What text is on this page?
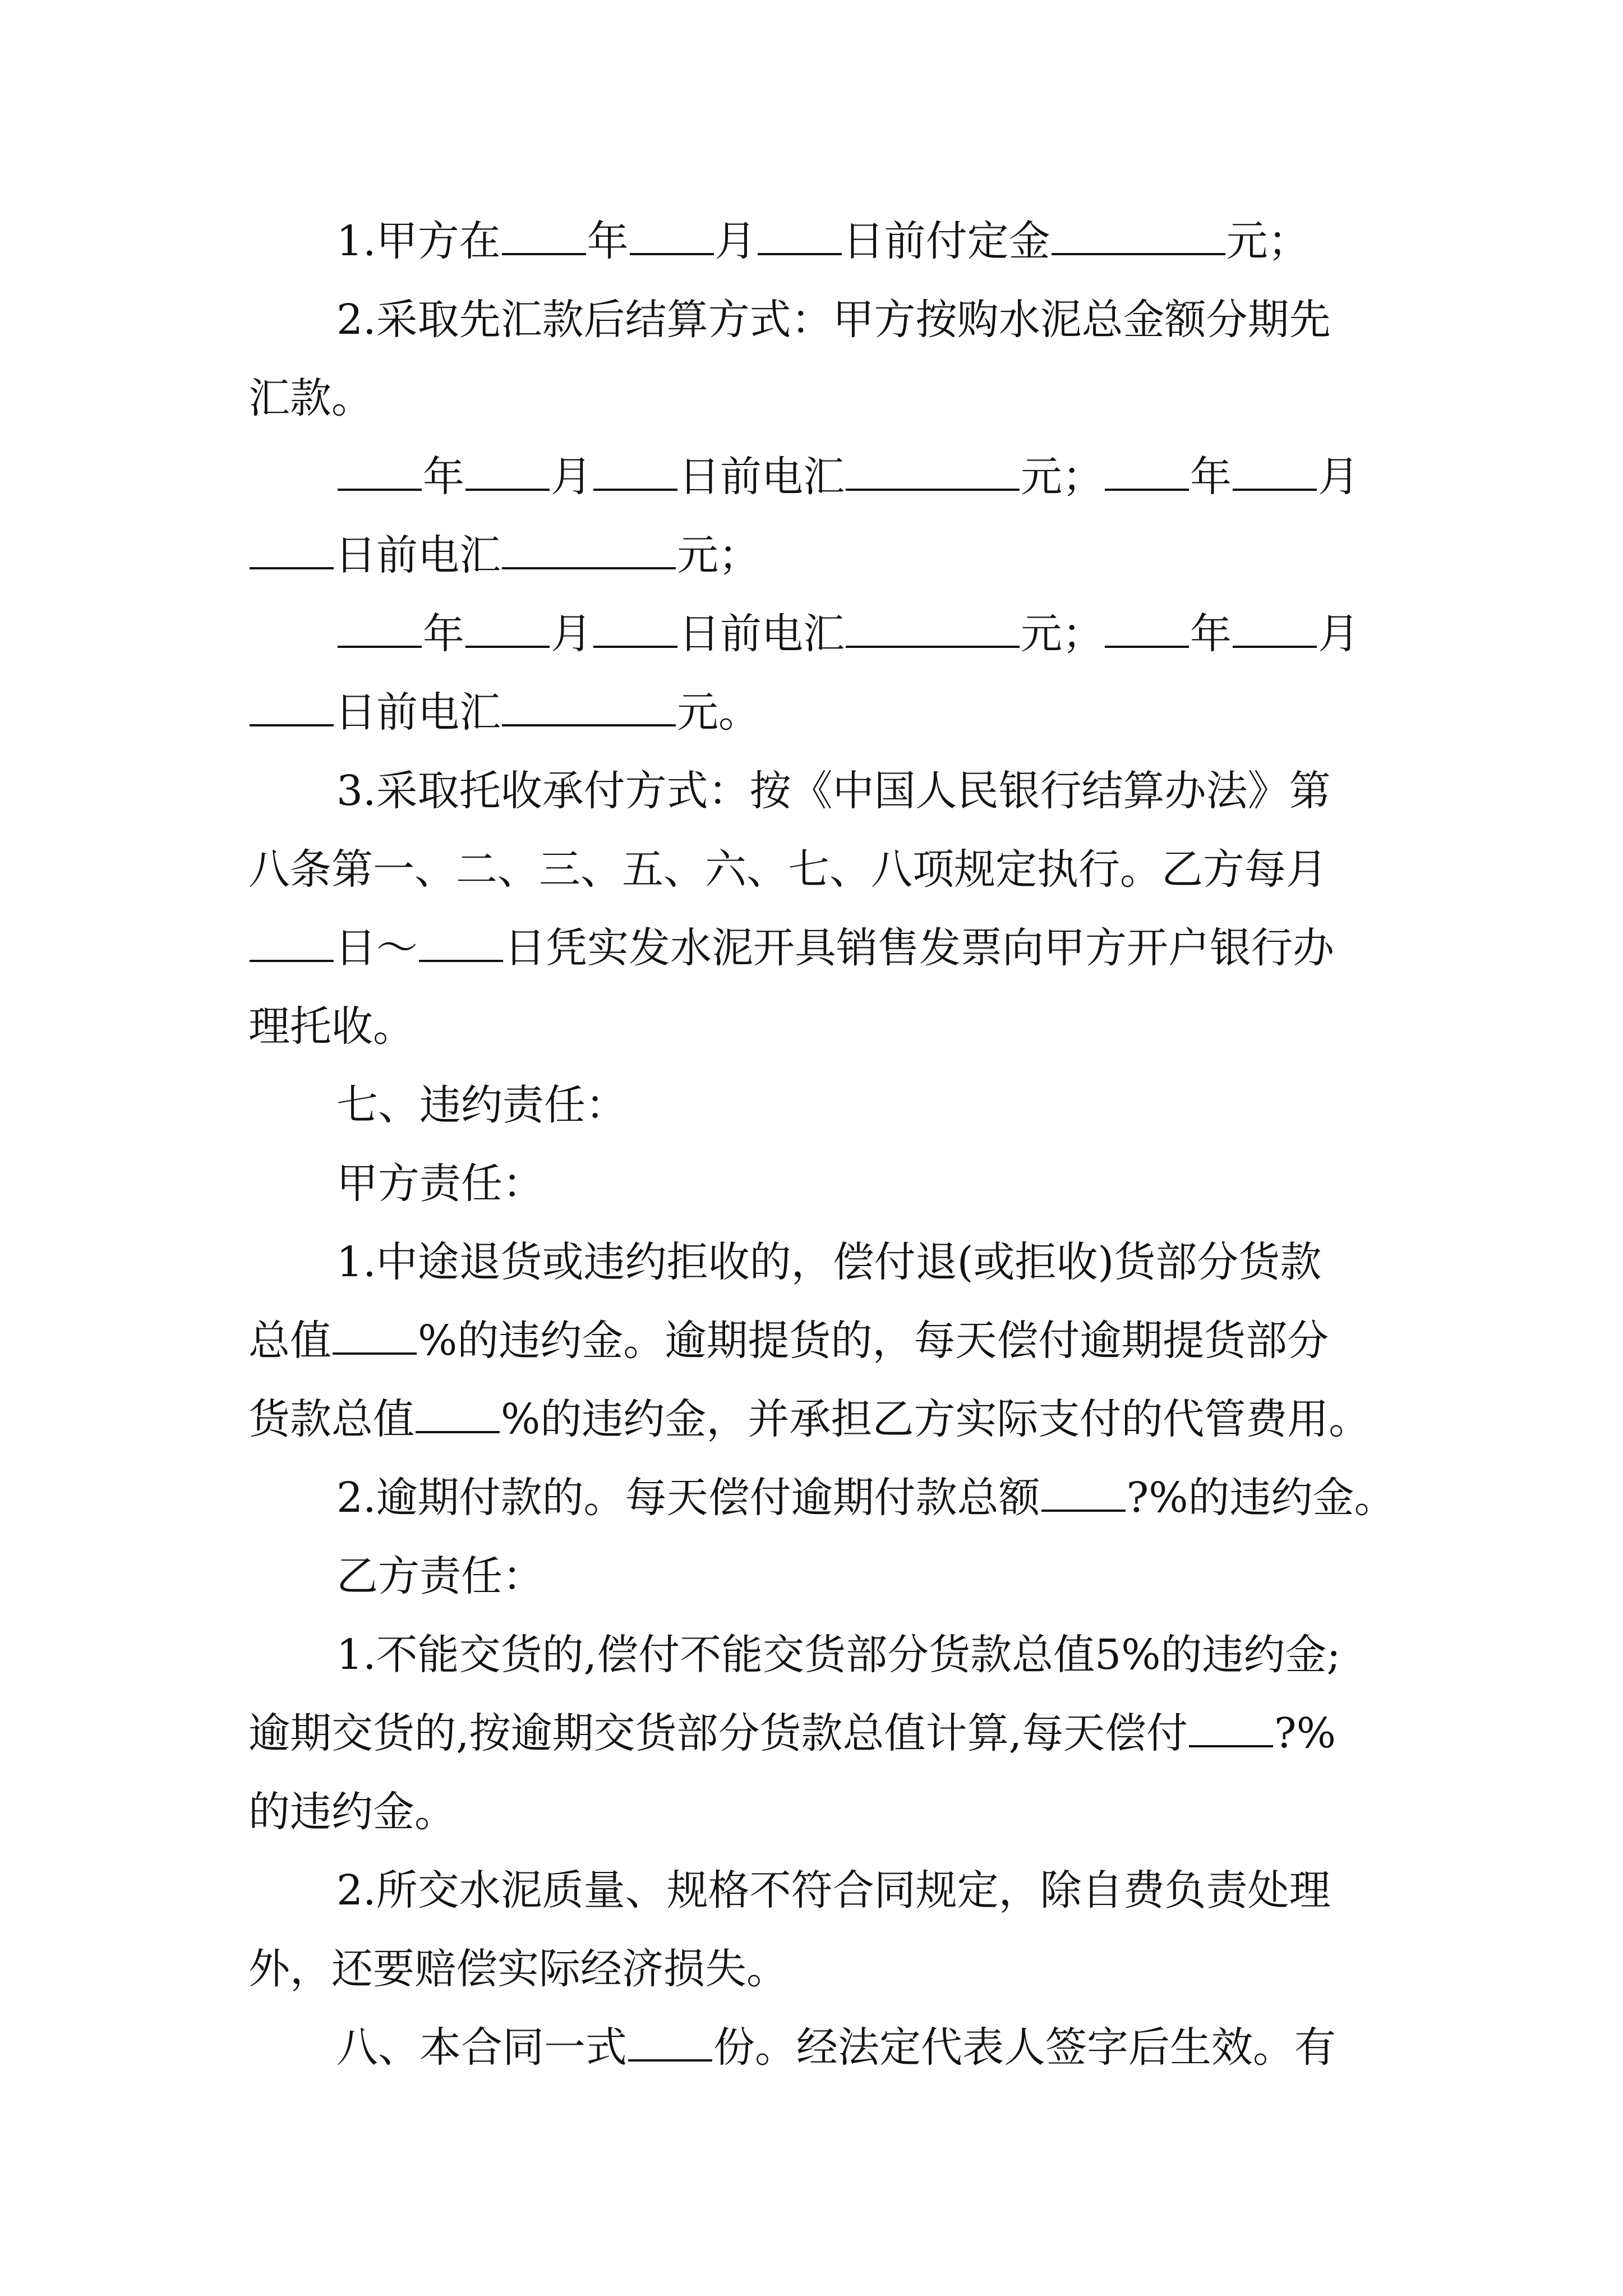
1.甲方在 年 月 日前付定金	元；
2.采取先汇款后结算方式：甲方按购水泥总金额分期先
汇款。
年 月 日前电汇	元； 年 月
日前电汇	元；
年 月 日前电汇	元； 年 月
日前电汇	元。
3.采取托收承付方式：按《中国人民银行结算办法》第
八条第一、二、三、五、六、七、八项规定执行。乙方每月
日～ 日凭实发水泥开具销售发票向甲方开户银行办
理托收。
七、违约责任：
甲方责任：
1.中途退货或违约拒收的，偿付退(或拒收)货部分货款
总值 %的违约金。逾期提货的，每天偿付逾期提货部分
货款总值 %的违约金，并承担乙方实际支付的代管费用。
2.逾期付款的。每天偿付逾期付款总额 ?%的违约金。
乙方责任：
1.不能交货的,偿付不能交货部分货款总值5%的违约金;
逾期交货的,按逾期交货部分货款总值计算,每天偿付 ?%
的违约金。
2.所交水泥质量、规格不符合同规定，除自费负责处理
外，还要赔偿实际经济损失。
八、本合同一式 份。经法定代表人签字后生效。有
